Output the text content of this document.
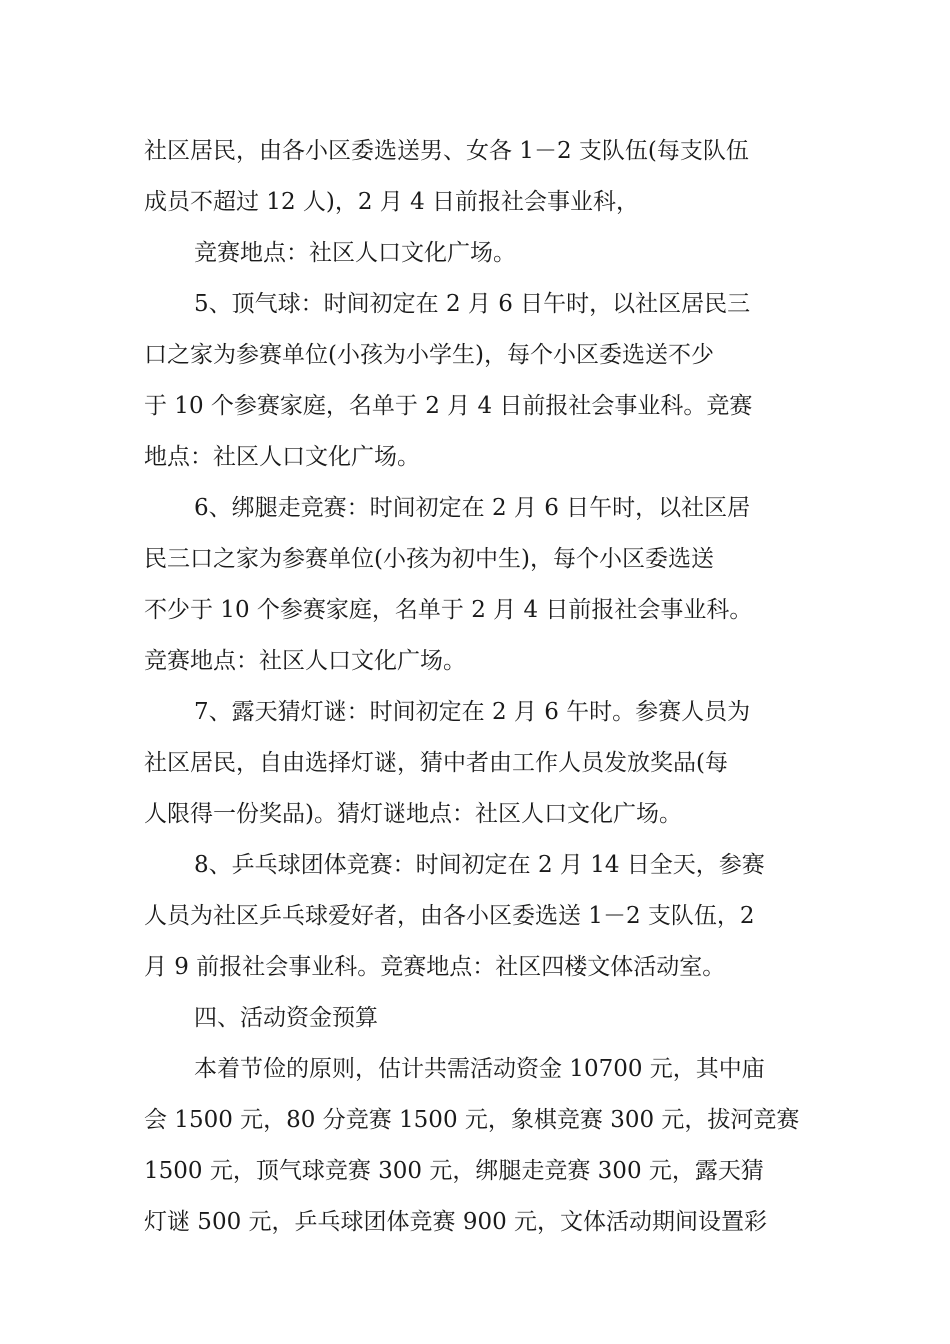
社区居民，由各小区委选送男、女各 1－2 支队伍(每支队伍
成员不超过 12 人)，2 月 4 日前报社会事业科，
竞赛地点：社区人口文化广场。
5、顶气球：时间初定在 2 月 6 日午时，以社区居民三
口之家为参赛单位(小孩为小学生)，每个小区委选送不少
于 10 个参赛家庭，名单于 2 月 4 日前报社会事业科。竞赛
地点：社区人口文化广场。
6、绑腿走竞赛：时间初定在 2 月 6 日午时，以社区居
民三口之家为参赛单位(小孩为初中生)，每个小区委选送
不少于 10 个参赛家庭，名单于 2 月 4 日前报社会事业科。
竞赛地点：社区人口文化广场。
7、露天猜灯谜：时间初定在 2 月 6 午时。参赛人员为
社区居民，自由选择灯谜，猜中者由工作人员发放奖品(每
人限得一份奖品)。猜灯谜地点：社区人口文化广场。
8、乒乓球团体竞赛：时间初定在 2 月 14 日全天，参赛
人员为社区乒乓球爱好者，由各小区委选送 1－2 支队伍，2
月 9 前报社会事业科。竞赛地点：社区四楼文体活动室。
四、活动资金预算
本着节俭的原则，估计共需活动资金 10700 元，其中庙
会 1500 元，80 分竞赛 1500 元，象棋竞赛 300 元，拔河竞赛
1500 元，顶气球竞赛 300 元，绑腿走竞赛 300 元，露天猜
灯谜 500 元，乒乓球团体竞赛 900 元，文体活动期间设置彩
